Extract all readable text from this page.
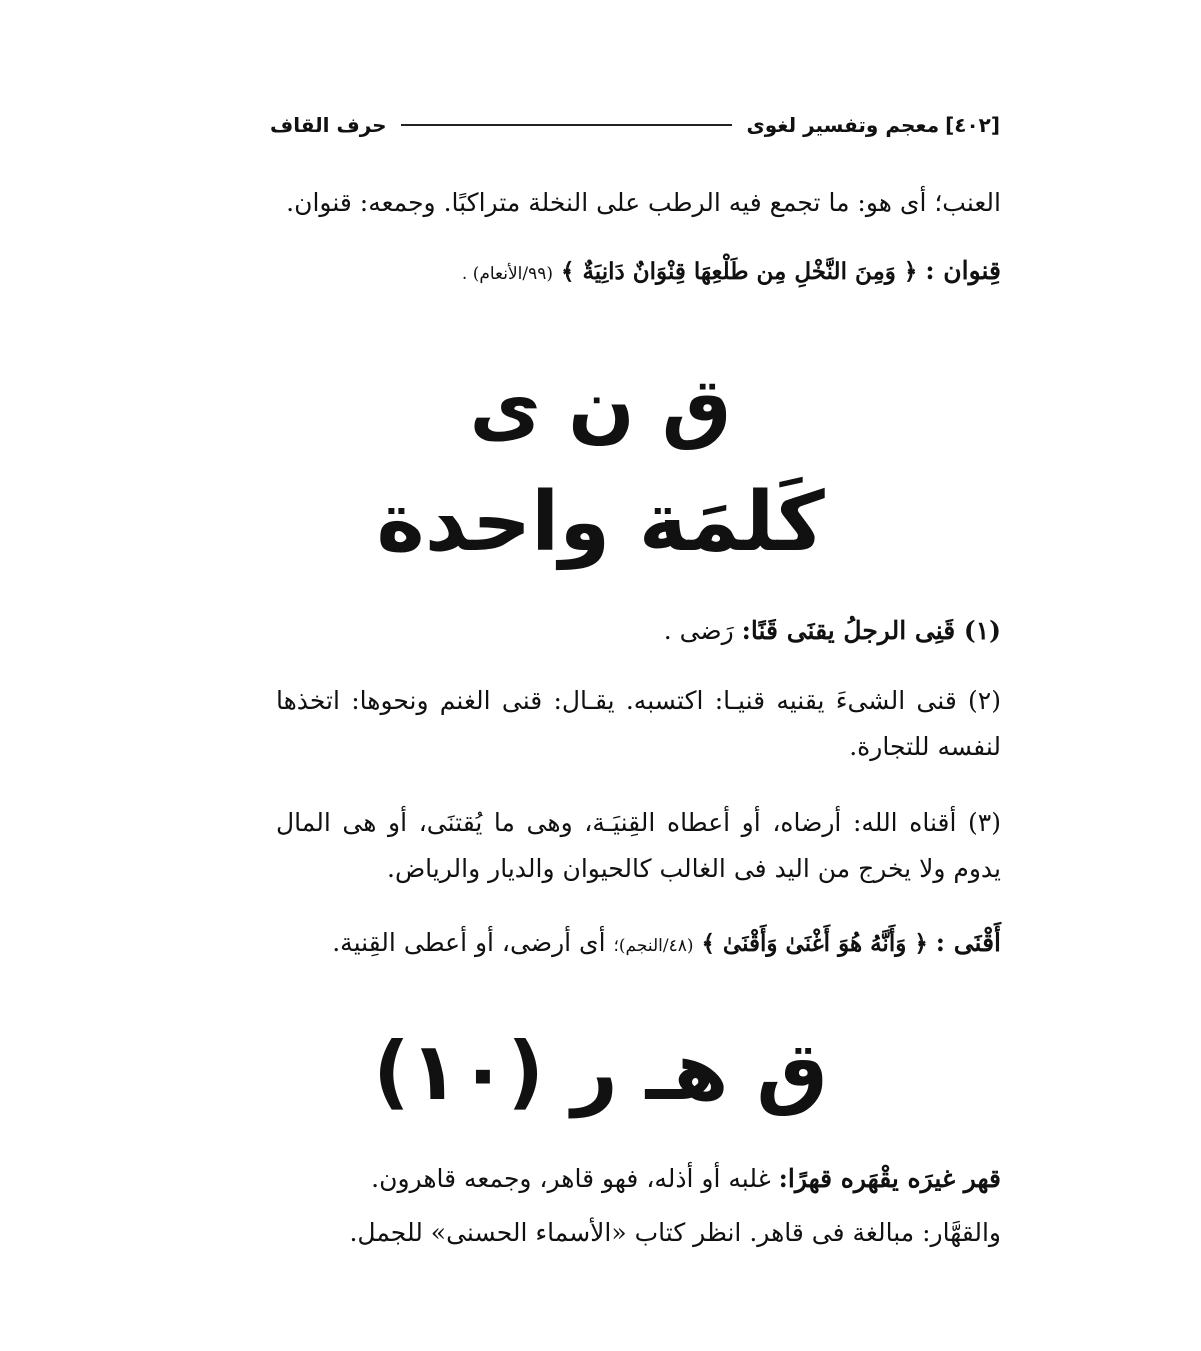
[٤٠٢]
معجم وتفسير لغوى
حرف القاف
العنب؛ أى هو: ما تجمع فيه الرطب على النخلة متراكبًا. وجمعه: قنوان.
قِنوان : ﴿ وَمِنَ النَّخْلِ مِن طَلْعِهَا قِنْوَانٌ دَانِيَةٌ ﴾ (٩٩/الأنعام) .
ق ن ى
كَلمَة واحدة
(١) قَنِى الرجلُ يقنَى قَنًا: رَضى .
(٢) قنى الشىءَ يقنيه قنيـا: اكتسبه. يقـال: قنى الغنم ونحوها: اتخذها لنفسه للتجارة.
(٣) أقناه الله: أرضاه، أو أعطاه القِنيَـة، وهى ما يُقتنَى، أو هى المال يدوم ولا يخرج من اليد فى الغالب كالحيوان والديار والرياض.
أَقْنَى : ﴿ وَأَنَّهُ هُوَ أَغْنَىٰ وَأَقْنَىٰ ﴾ (٤٨/النجم)؛ أى أرضى، أو أعطى القِنية.
ق هـ ر (١٠)
قهر غيرَه يقْهَره قهرًا: غلبه أو أذله، فهو قاهر، وجمعه قاهرون.
والقهَّار: مبالغة فى قاهر. انظر كتاب «الأسماء الحسنى» للجمل.
